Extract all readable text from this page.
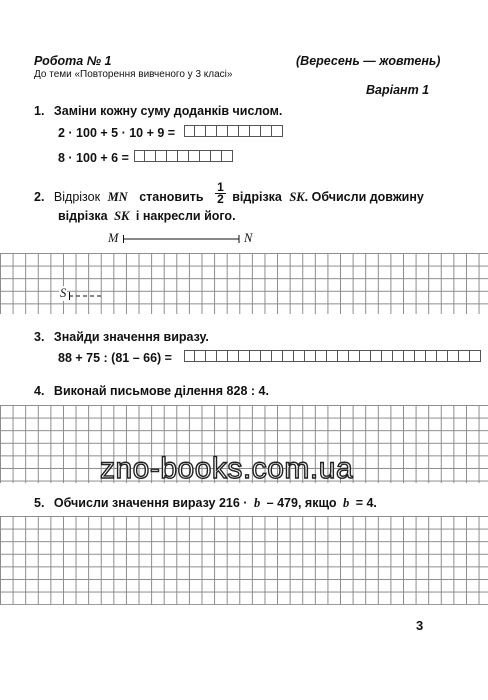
Робота № 1	(Вересень — жовтень)
До теми «Повторення вивченого у 3 класі»
Варіант 1
1. Заміни кожну суму доданків числом.
2 · 100 + 5 · 10 + 9 =
8 · 100 + 6 =
2. Відрізок MN становить $\frac{1}{2}$ відрізка SK. Обчисли довжину
відрізка SK і накресли його.
M	N
S
3. Знайди значення виразу.
88 + 75 : (81 – 66) =
4. Виконай письмове ділення 828 : 4.
zno-books.com.ua
5. Обчисли значення виразу 216 · b – 479, якщо b = 4.
3
